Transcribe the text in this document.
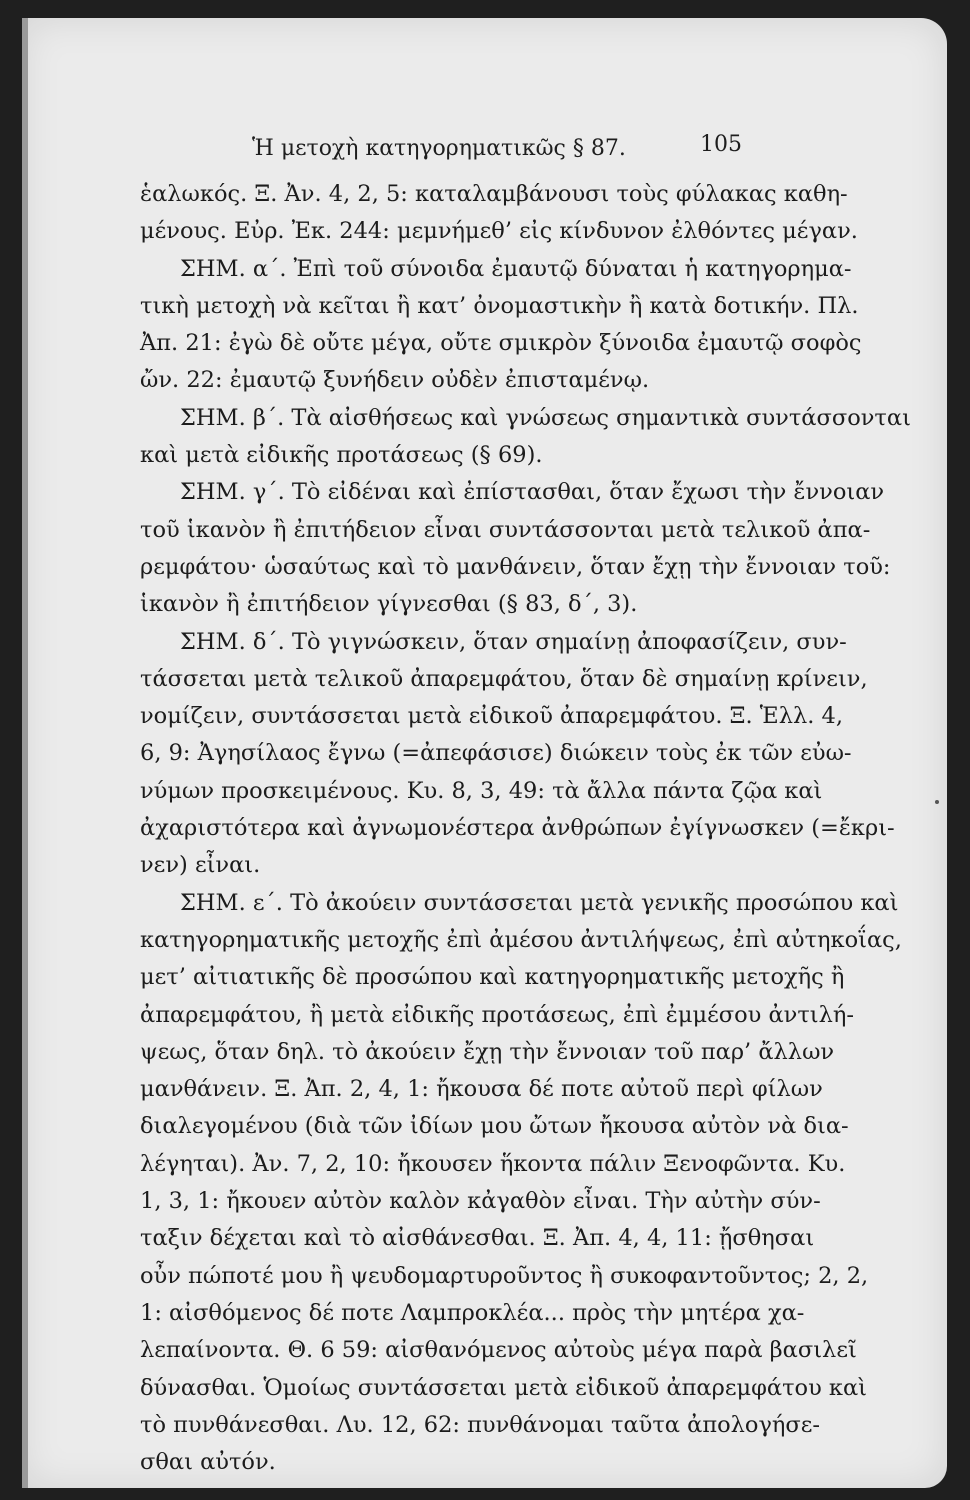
Ἡ μετοχὴ κατηγορηματικῶς § 87.	105
ἑαλωκός. Ξ. Ἀν. 4, 2, 5: καταλαμβάνουσι τοὺς φύλακας καθη-
μένους. Εὐρ. Ἐκ. 244: μεμνήμεθ’ εἰς κίνδυνον ἐλθόντες μέγαν.
ΣΗΜ. α΄. Ἐπὶ τοῦ σύνοιδα ἐμαυτῷ δύναται ἡ κατηγορημα-
τικὴ μετοχὴ νὰ κεῖται ἢ κατ’ ὀνομαστικὴν ἢ κατὰ δοτικήν. Πλ.
Ἀπ. 21: ἐγὼ δὲ οὔτε μέγα, οὔτε σμικρὸν ξύνοιδα ἐμαυτῷ σοφὸς
ὤν. 22: ἐμαυτῷ ξυνήδειν οὐδὲν ἐπισταμένῳ.
ΣΗΜ. β΄. Τὰ αἰσθήσεως καὶ γνώσεως σημαντικὰ συντάσσονται
καὶ μετὰ εἰδικῆς προτάσεως (§ 69).
ΣΗΜ. γ΄. Τὸ εἰδέναι καὶ ἐπίστασθαι, ὅταν ἔχωσι τὴν ἔννοιαν
τοῦ ἱκανὸν ἢ ἐπιτήδειον εἶναι συντάσσονται μετὰ τελικοῦ ἀπα-
ρεμφάτου· ὡσαύτως καὶ τὸ μανθάνειν, ὅταν ἔχῃ τὴν ἔννοιαν τοῦ:
ἱκανὸν ἢ ἐπιτήδειον γίγνεσθαι (§ 83, δ΄, 3).
ΣΗΜ. δ΄. Τὸ γιγνώσκειν, ὅταν σημαίνῃ ἀποφασίζειν, συν-
τάσσεται μετὰ τελικοῦ ἀπαρεμφάτου, ὅταν δὲ σημαίνῃ κρίνειν,
νομίζειν, συντάσσεται μετὰ εἰδικοῦ ἀπαρεμφάτου. Ξ. Ἑλλ. 4,
6, 9: Ἀγησίλαος ἔγνω (=ἀπεφάσισε) διώκειν τοὺς ἐκ τῶν εὐω-
νύμων προσκειμένους. Κυ. 8, 3, 49: τὰ ἄλλα πάντα ζῷα καὶ
ἀχαριστότερα καὶ ἀγνωμονέστερα ἀνθρώπων ἐγίγνωσκεν (=ἔκρι-
νεν) εἶναι.
ΣΗΜ. ε΄. Τὸ ἀκούειν συντάσσεται μετὰ γενικῆς προσώπου καὶ
κατηγορηματικῆς μετοχῆς ἐπὶ ἀμέσου ἀντιλήψεως, ἐπὶ αὐτηκοΐας,
μετ’ αἰτιατικῆς δὲ προσώπου καὶ κατηγορηματικῆς μετοχῆς ἢ
ἀπαρεμφάτου, ἢ μετὰ εἰδικῆς προτάσεως, ἐπὶ ἐμμέσου ἀντιλή-
ψεως, ὅταν δηλ. τὸ ἀκούειν ἔχῃ τὴν ἔννοιαν τοῦ παρ’ ἄλλων
μανθάνειν. Ξ. Ἀπ. 2, 4, 1: ἤκουσα δέ ποτε αὐτοῦ περὶ φίλων
διαλεγομένου (διὰ τῶν ἰδίων μου ὤτων ἤκουσα αὐτὸν νὰ δια-
λέγηται). Ἀν. 7, 2, 10: ἤκουσεν ἥκοντα πάλιν Ξενοφῶντα. Κυ.
1, 3, 1: ἤκουεν αὐτὸν καλὸν κἀγαθὸν εἶναι. Τὴν αὐτὴν σύν-
ταξιν δέχεται καὶ τὸ αἰσθάνεσθαι. Ξ. Ἀπ. 4, 4, 11: ᾔσθησαι
οὖν πώποτέ μου ἢ ψευδομαρτυροῦντος ἢ συκοφαντοῦντος; 2, 2,
1: αἰσθόμενος δέ ποτε Λαμπροκλέα... πρὸς τὴν μητέρα χα-
λεπαίνοντα. Θ. 6 59: αἰσθανόμενος αὐτοὺς μέγα παρὰ βασιλεῖ
δύνασθαι. Ὁμοίως συντάσσεται μετὰ εἰδικοῦ ἀπαρεμφάτου καὶ
τὸ πυνθάνεσθαι. Λυ. 12, 62: πυνθάνομαι ταῦτα ἀπολογήσε-
σθαι αὐτόν.
